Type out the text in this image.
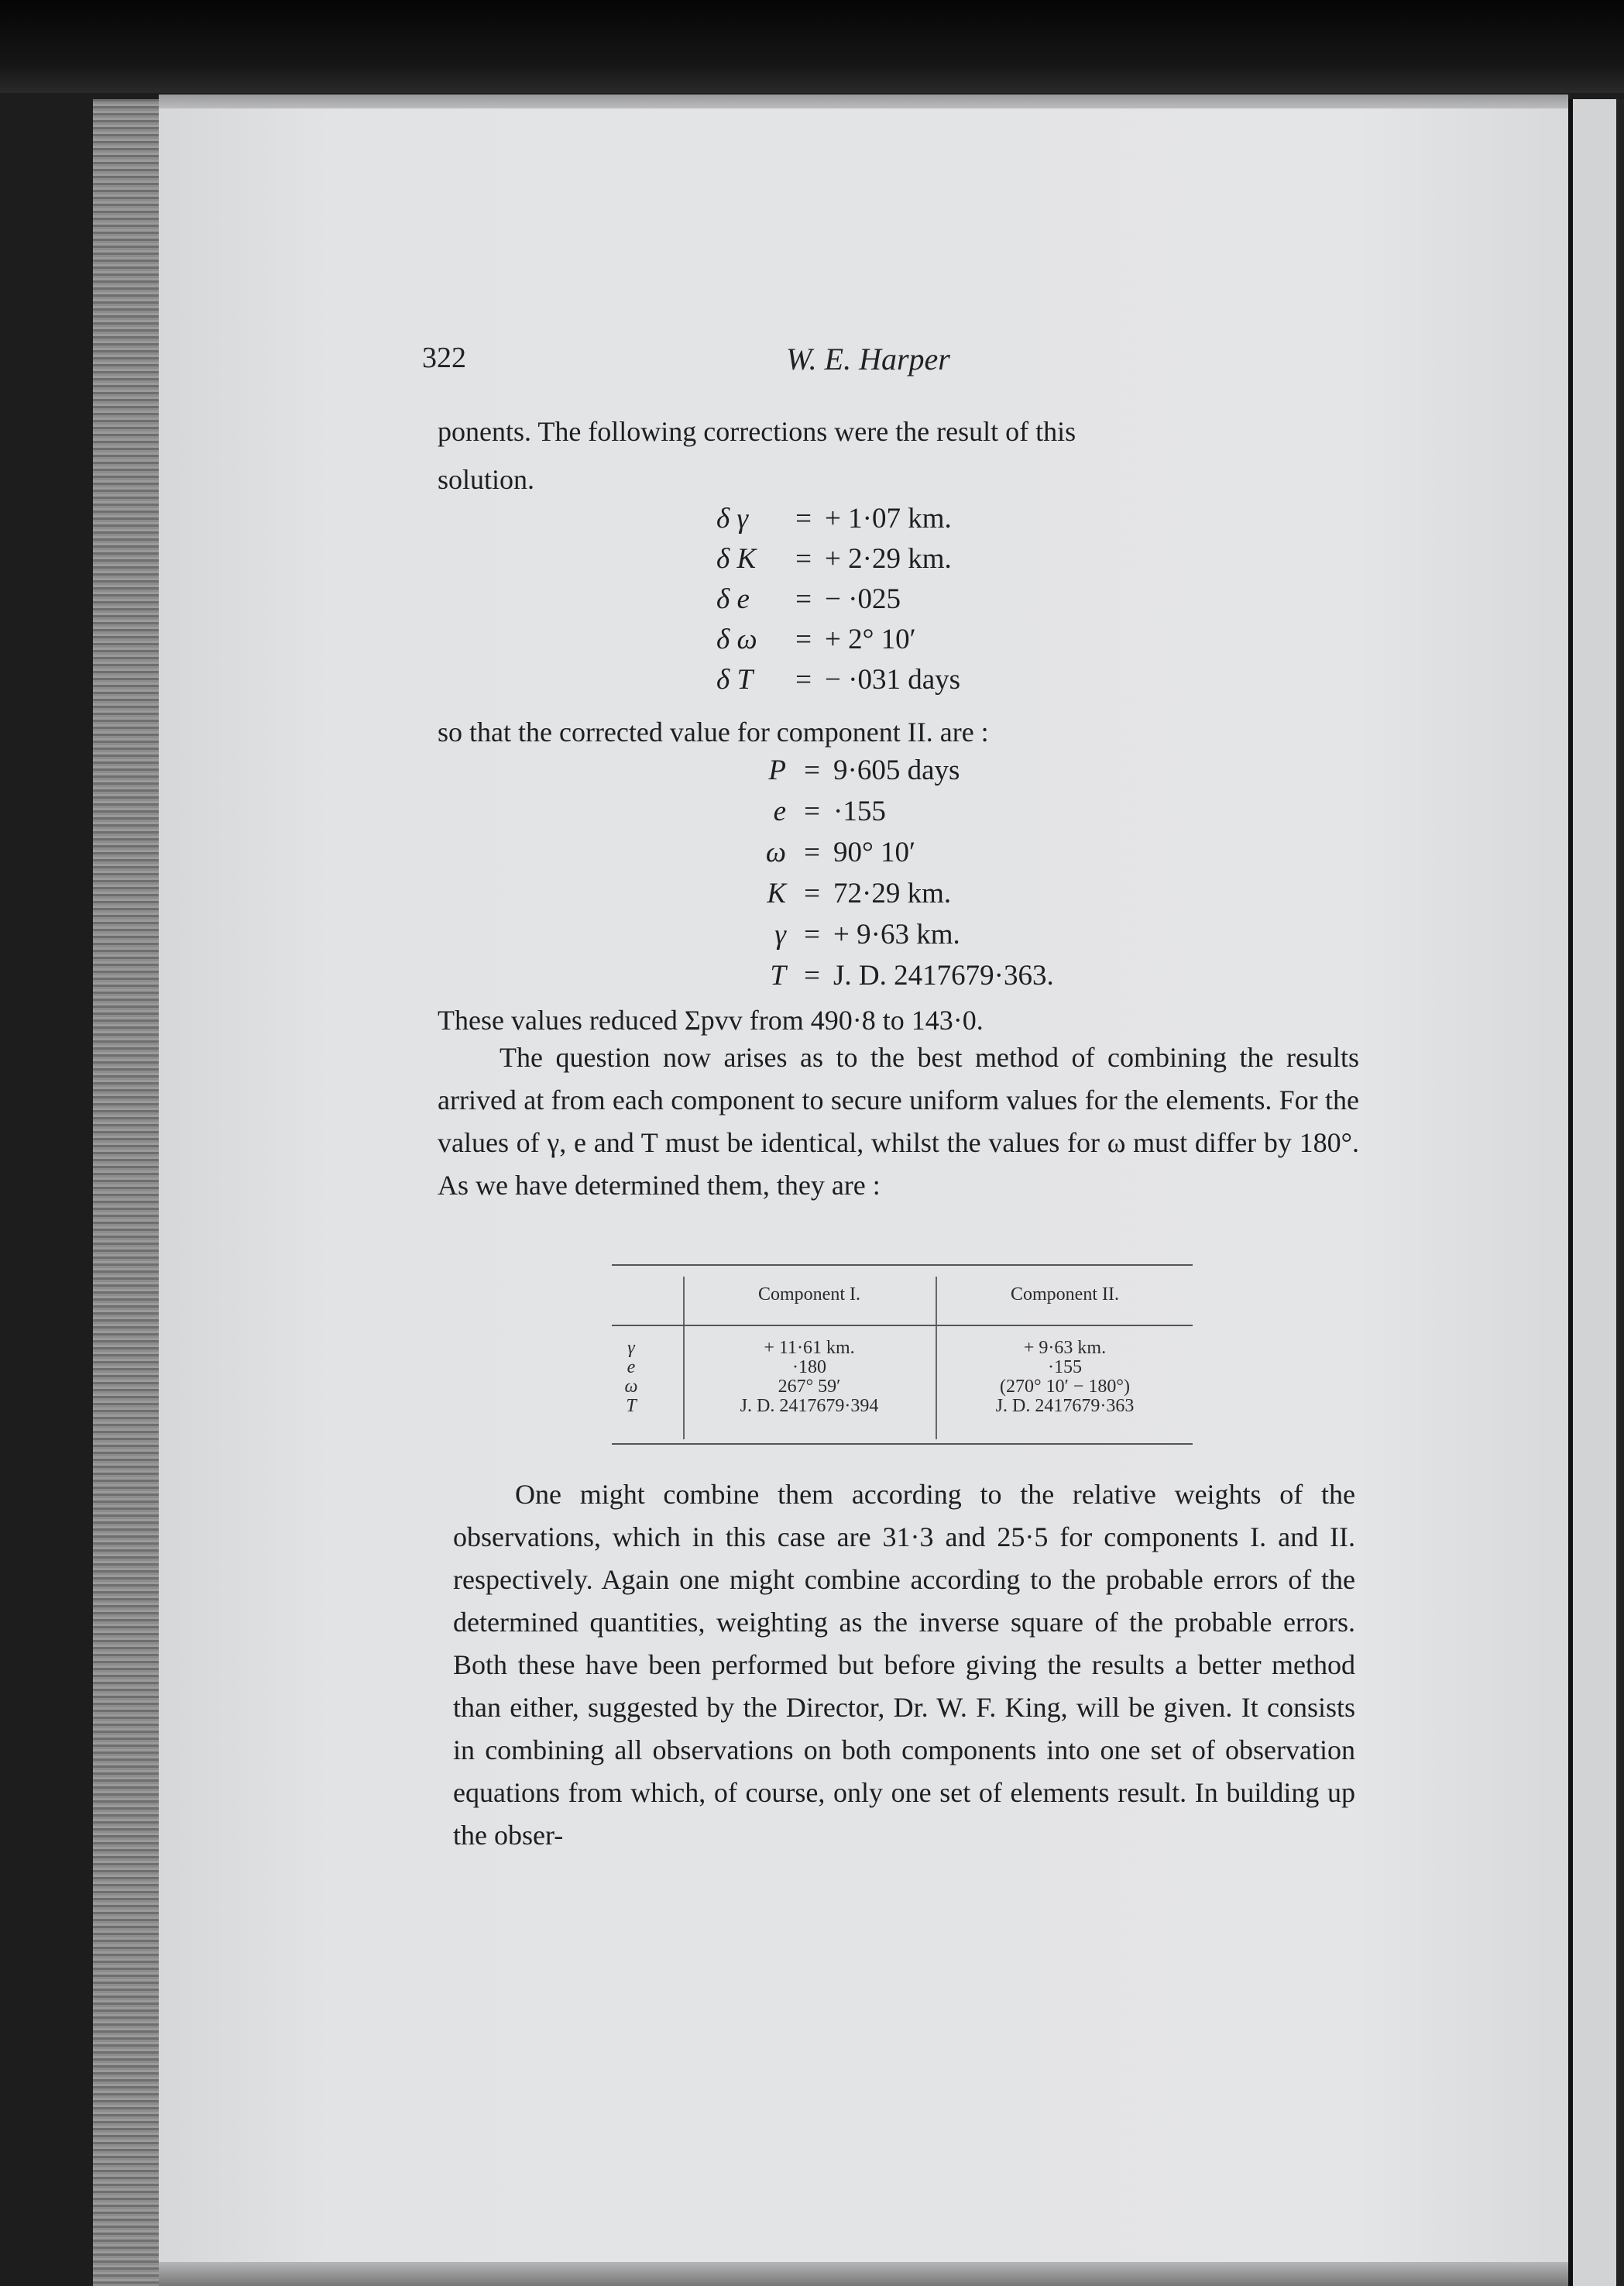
322	W. E. Harper
ponents. The following corrections were the result of this
solution.
δ γ = + 1·07 km.
δ K = + 2·29 km.
δ e = − ·025
δ ω = + 2° 10′
δ T = − ·031 days
so that the corrected value for component II. are :
P = 9·605 days
e = ·155
ω = 90° 10′
K = 72·29 km.
γ = + 9·63 km.
T = J. D. 2417679·363.
These values reduced Σpvv from 490·8 to 143·0.
The question now arises as to the best method of combining the results arrived at from each component to secure uniform values for the elements. For the values of γ, e and T must be identical, whilst the values for ω must differ by 180°. As we have determined them, they are :
Component I.	Component II.
γ
e
ω
T
+ 11·61 km.
·180
267° 59′
J. D. 2417679·394
+ 9·63 km.
·155
(270° 10′ − 180°)
J. D. 2417679·363
One might combine them according to the relative weights of the observations, which in this case are 31·3 and 25·5 for components I. and II. respectively. Again one might combine according to the probable errors of the determined quantities, weighting as the inverse square of the probable errors. Both these have been performed but before giving the results a better method than either, suggested by the Director, Dr. W. F. King, will be given. It consists in combining all observations on both components into one set of observation equations from which, of course, only one set of elements result. In building up the obser-
